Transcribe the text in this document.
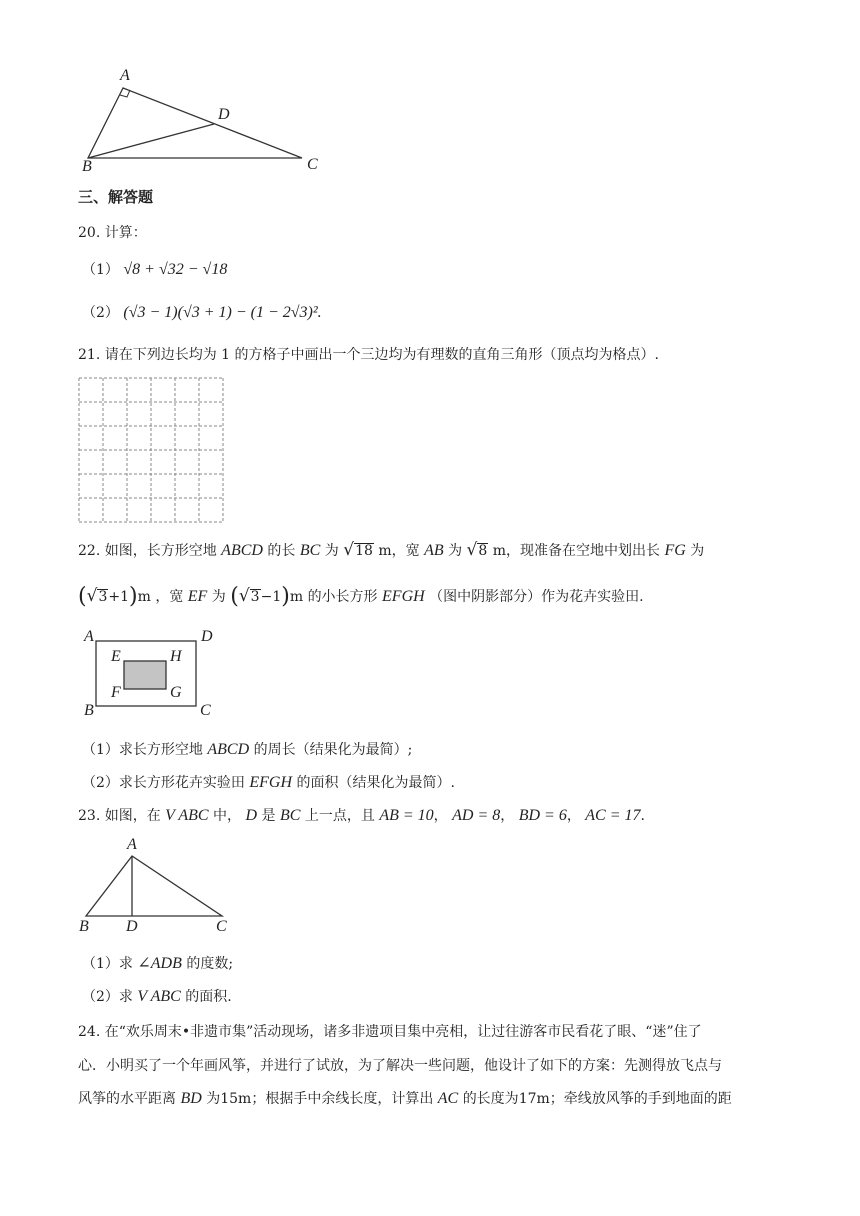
A
B	C
D
三、解答题
20. 计算：
（1） √8 + √32 − √18
（2） (√3 − 1)(√3 + 1) − (1 − 2√3)².
21. 请在下列边长均为 1 的方格子中画出一个三边均为有理数的直角三角形（顶点均为格点）.
22. 如图，长方形空地 ABCD 的长 BC 为 √18 m，宽 AB 为 √8 m，现准备在空地中划出长 FG 为
(√3+1)m ，宽 EF 为 (√3−1)m 的小长方形 EFGH （图中阴影部分）作为花卉实验田.
A	D
B	C
E	H
F	G
（1）求长方形空地 ABCD 的周长（结果化为最简）;
（2）求长方形花卉实验田 EFGH 的面积（结果化为最简）.
23. 如图，在 V ABC 中， D 是 BC 上一点，且 AB = 10， AD = 8， BD = 6， AC = 17.
A
B D	C
（1）求 ∠ADB 的度数;
（2）求 V ABC 的面积.
24. 在“欢乐周末•非遗市集”活动现场，诸多非遗项目集中亮相，让过往游客市民看花了眼、“迷”住了
心．小明买了一个年画风筝，并进行了试放，为了解决一些问题，他设计了如下的方案：先测得放飞点与
风筝的水平距离 BD 为15m；根据手中余线长度，计算出 AC 的长度为17m；牵线放风筝的手到地面的距
